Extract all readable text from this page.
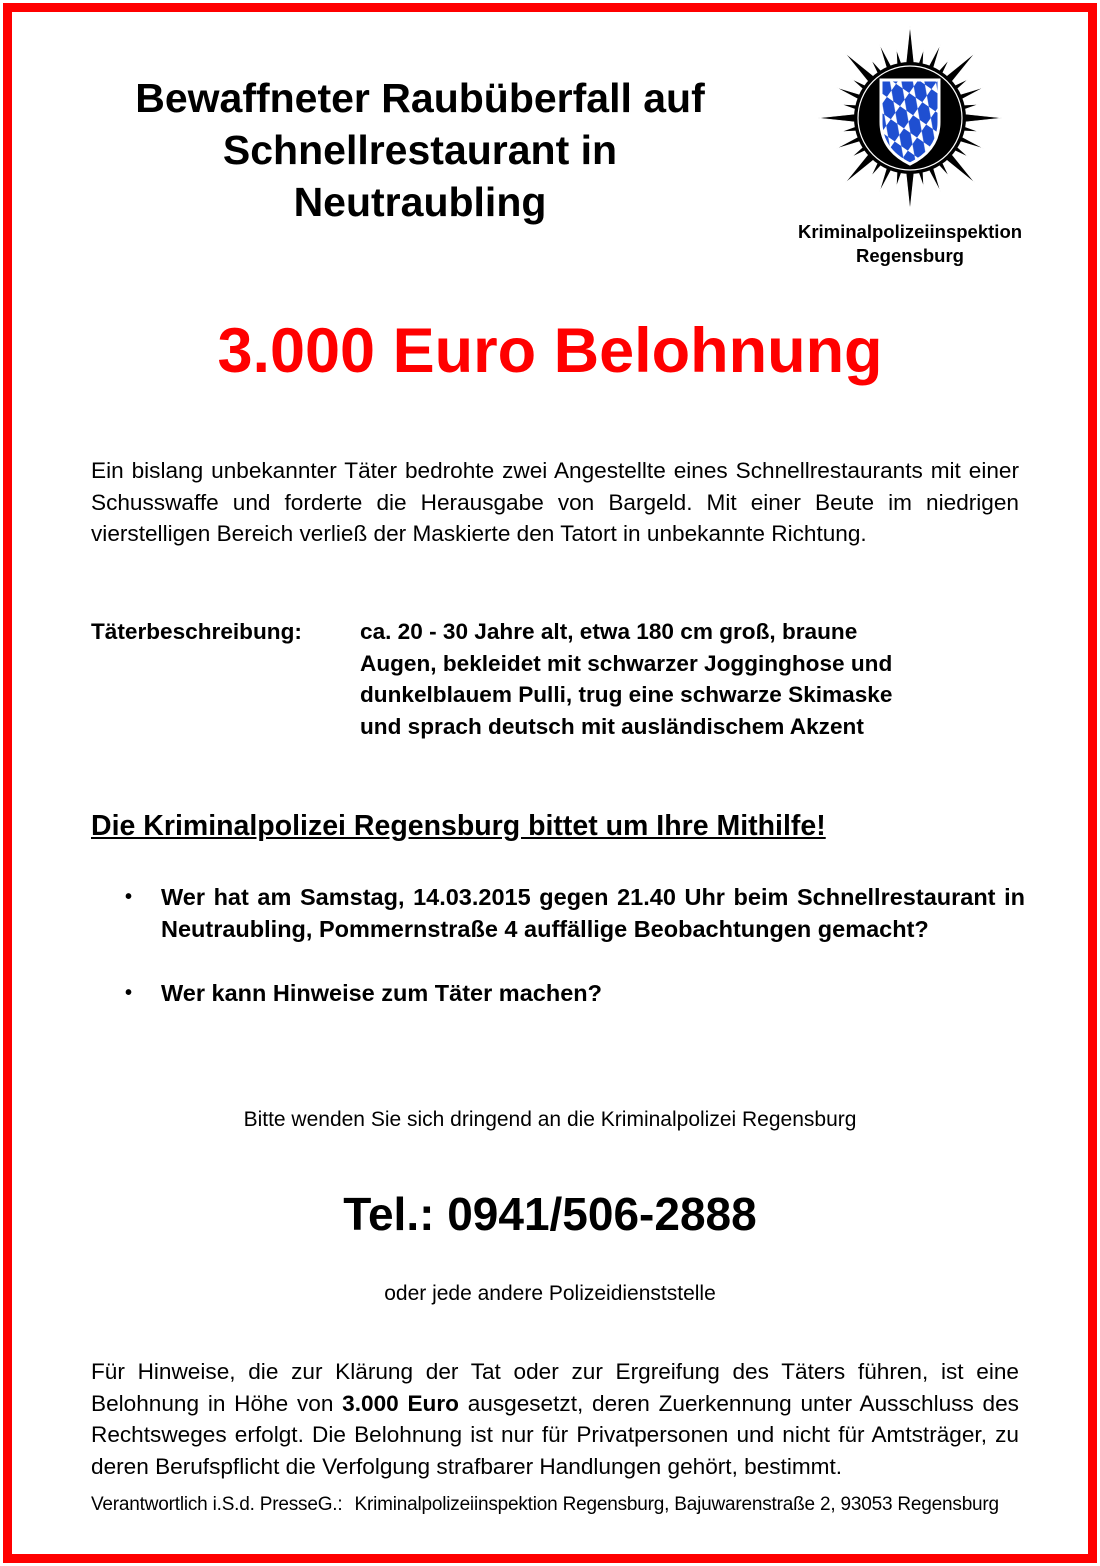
Bewaffneter Raubüberfall auf
Schnellrestaurant in
Neutraubling
Kriminalpolizeiinspektion
Regensburg
3.000 Euro Belohnung
Ein bislang unbekannter Täter bedrohte zwei Angestellte eines Schnellrestaurants mit einer Schusswaffe und forderte die Herausgabe von Bargeld. Mit einer Beute im niedrigen vierstelligen Bereich verließ der Maskierte den Tatort in unbekannte Richtung.
Täterbeschreibung:	ca. 20 - 30 Jahre alt, etwa 180 cm groß, braune
Augen, bekleidet mit schwarzer Jogginghose und
dunkelblauem Pulli, trug eine schwarze Skimaske
und sprach deutsch mit ausländischem Akzent
Die Kriminalpolizei Regensburg bittet um Ihre Mithilfe!
• Wer hat am Samstag, 14.03.2015 gegen 21.40 Uhr beim Schnellrestaurant in Neutraubling, Pommernstraße 4 auffällige Beobachtungen gemacht?
• Wer kann Hinweise zum Täter machen?
Bitte wenden Sie sich dringend an die Kriminalpolizei Regensburg
Tel.: 0941/506-2888
oder jede andere Polizeidienststelle
Für Hinweise, die zur Klärung der Tat oder zur Ergreifung des Täters führen, ist eine Belohnung in Höhe von 3.000 Euro ausgesetzt, deren Zuerkennung unter Ausschluss des Rechtsweges erfolgt. Die Belohnung ist nur für Privatpersonen und nicht für Amtsträger, zu deren Berufspflicht die Verfolgung strafbarer Handlungen gehört, bestimmt.
Verantwortlich i.S.d. PresseG.: Kriminalpolizeiinspektion Regensburg, Bajuwarenstraße 2, 93053 Regensburg
